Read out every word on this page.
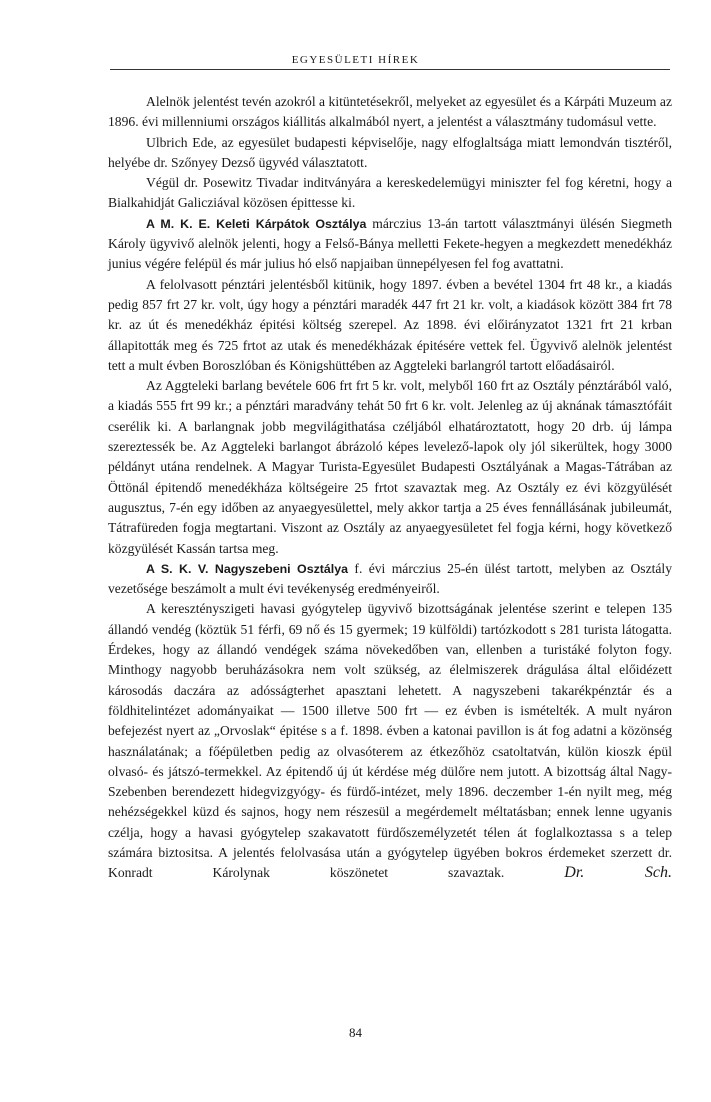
EGYESÜLETI HÍREK

Alelnök jelentést tevén azokról a kitüntetésekről, melyeket az egyesület és a Kárpáti Muzeum az 1896. évi millenniumi országos kiállitás alkalmából nyert, a jelentést a választmány tudomásul vette.

Ulbrich Ede, az egyesület budapesti képviselője, nagy elfoglaltsága miatt lemondván tisztéről, helyébe dr. Szőnyey Dezső ügyvéd választatott.

Végül dr. Posewitz Tivadar inditványára a kereskedelemügyi miniszter fel fog kéretni, hogy a Bialkahidját Galicziával közösen épittesse ki.

A M. K. E. Keleti Kárpátok Osztálya márczius 13-án tartott választmányi ülésén Siegmeth Károly ügyvivő alelnök jelenti, hogy a Felső-Bánya melletti Fekete-hegyen a megkezdett menedékház junius végére felépül és már julius hó első napjaiban ünnepélyesen fel fog avattatni.

A felolvasott pénztári jelentésből kitünik, hogy 1897. évben a bevétel 1304 frt 48 kr., a kiadás pedig 857 frt 27 kr. volt, úgy hogy a pénztári maradék 447 frt 21 kr. volt, a kiadások között 384 frt 78 kr. az út és menedékház épitési költség szerepel. Az 1898. évi előirányzatot 1321 frt 21 krban állapitották meg és 725 frtot az utak és menedékházak épitésére vettek fel. Ügyvivő alelnök jelentést tett a mult évben Boroszlóban és Königshüttében az Aggteleki barlangról tartott előadásairól.

Az Aggteleki barlang bevétele 606 frt frt 5 kr. volt, melyből 160 frt az Osztály pénztárából való, a kiadás 555 frt 99 kr.; a pénztári maradvány tehát 50 frt 6 kr. volt. Jelenleg az új aknának támasztófáit cserélik ki. A barlangnak jobb megvilágithatása czéljából elhatároztatott, hogy 20 drb. új lámpa szereztessék be. Az Aggteleki barlangot ábrázoló képes levelező-lapok oly jól sikerültek, hogy 3000 példányt utána rendelnek. A Magyar Turista-Egyesület Budapesti Osztályának a Magas-Tátrában az Öttönál épitendő menedékháza költségeire 25 frtot szavaztak meg. Az Osztály ez évi közgyülését augusztus, 7-én egy időben az anyaegyesülettel, mely akkor tartja a 25 éves fennállásának jubileumát, Tátrafüreden fogja megtartani. Viszont az Osztály az anyaegyesületet fel fogja kérni, hogy következő közgyülését Kassán tartsa meg.

A S. K. V. Nagyszebeni Osztálya f. évi márczius 25-én ülést tartott, melyben az Osztály vezetősége beszámolt a mult évi tevékenység eredményeiről.

A keresztényszigeti havasi gyógytelep ügyvivő bizottságának jelentése szerint e telepen 135 állandó vendég (köztük 51 férfi, 69 nő és 15 gyermek; 19 külföldi) tartózkodott s 281 turista látogatta. Érdekes, hogy az állandó vendégek száma növekedőben van, ellenben a turistáké folyton fogy. Minthogy nagyobb beruházásokra nem volt szükség, az élelmiszerek drágulása által előidézett károsodás daczára az adósságterhet apasztani lehetett. A nagyszebeni takarékpénztár és a földhitelintézet adományaikat — 1500 illetve 500 frt — ez évben is ismételték. A mult nyáron befejezést nyert az „Orvoslak“ épitése s a f. 1898. évben a katonai pavillon is át fog adatni a közönség használatának; a főépületben pedig az olvasóterem az étkezőhöz csatoltatván, külön kioszk épül olvasó- és játszó-termekkel. Az épitendő új út kérdése még dülőre nem jutott. A bizottság által Nagy-Szebenben berendezett hidegvizgyógy- és fürdő-intézet, mely 1896. deczember 1-én nyilt meg, még nehézségekkel küzd és sajnos, hogy nem részesül a megérdemelt méltatásban; ennek lenne ugyanis czélja, hogy a havasi gyógytelep szakavatott fürdőszemélyzetét télen át foglalkoztassa s a telep számára biztositsa. A jelentés felolvasása után a gyógytelep ügyében bokros érdemeket szerzett dr. Konradt Károlynak köszönetet szavaztak.	Dr. Sch.

84
